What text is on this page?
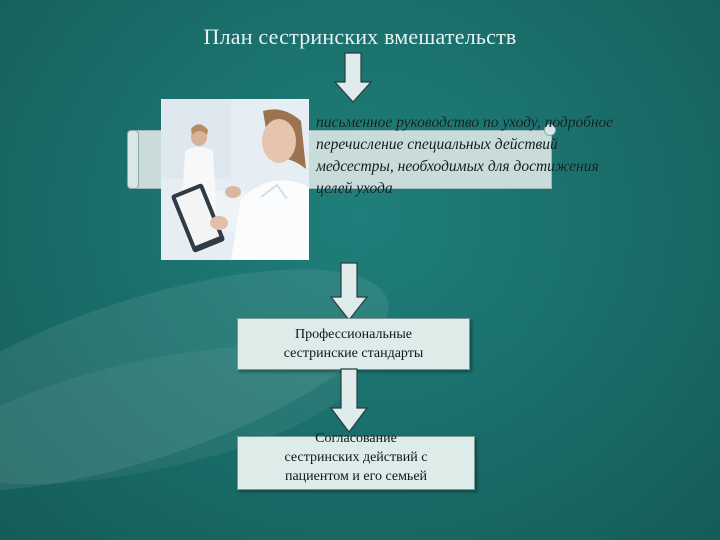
План сестринских вмешательств
письменное руководство по уходу, подробное перечисление специальных действий медсестры, необходимых для достижения целей ухода
Профессиональные
сестринские стандарты
Согласование
сестринских действий с
пациентом и его семьей
